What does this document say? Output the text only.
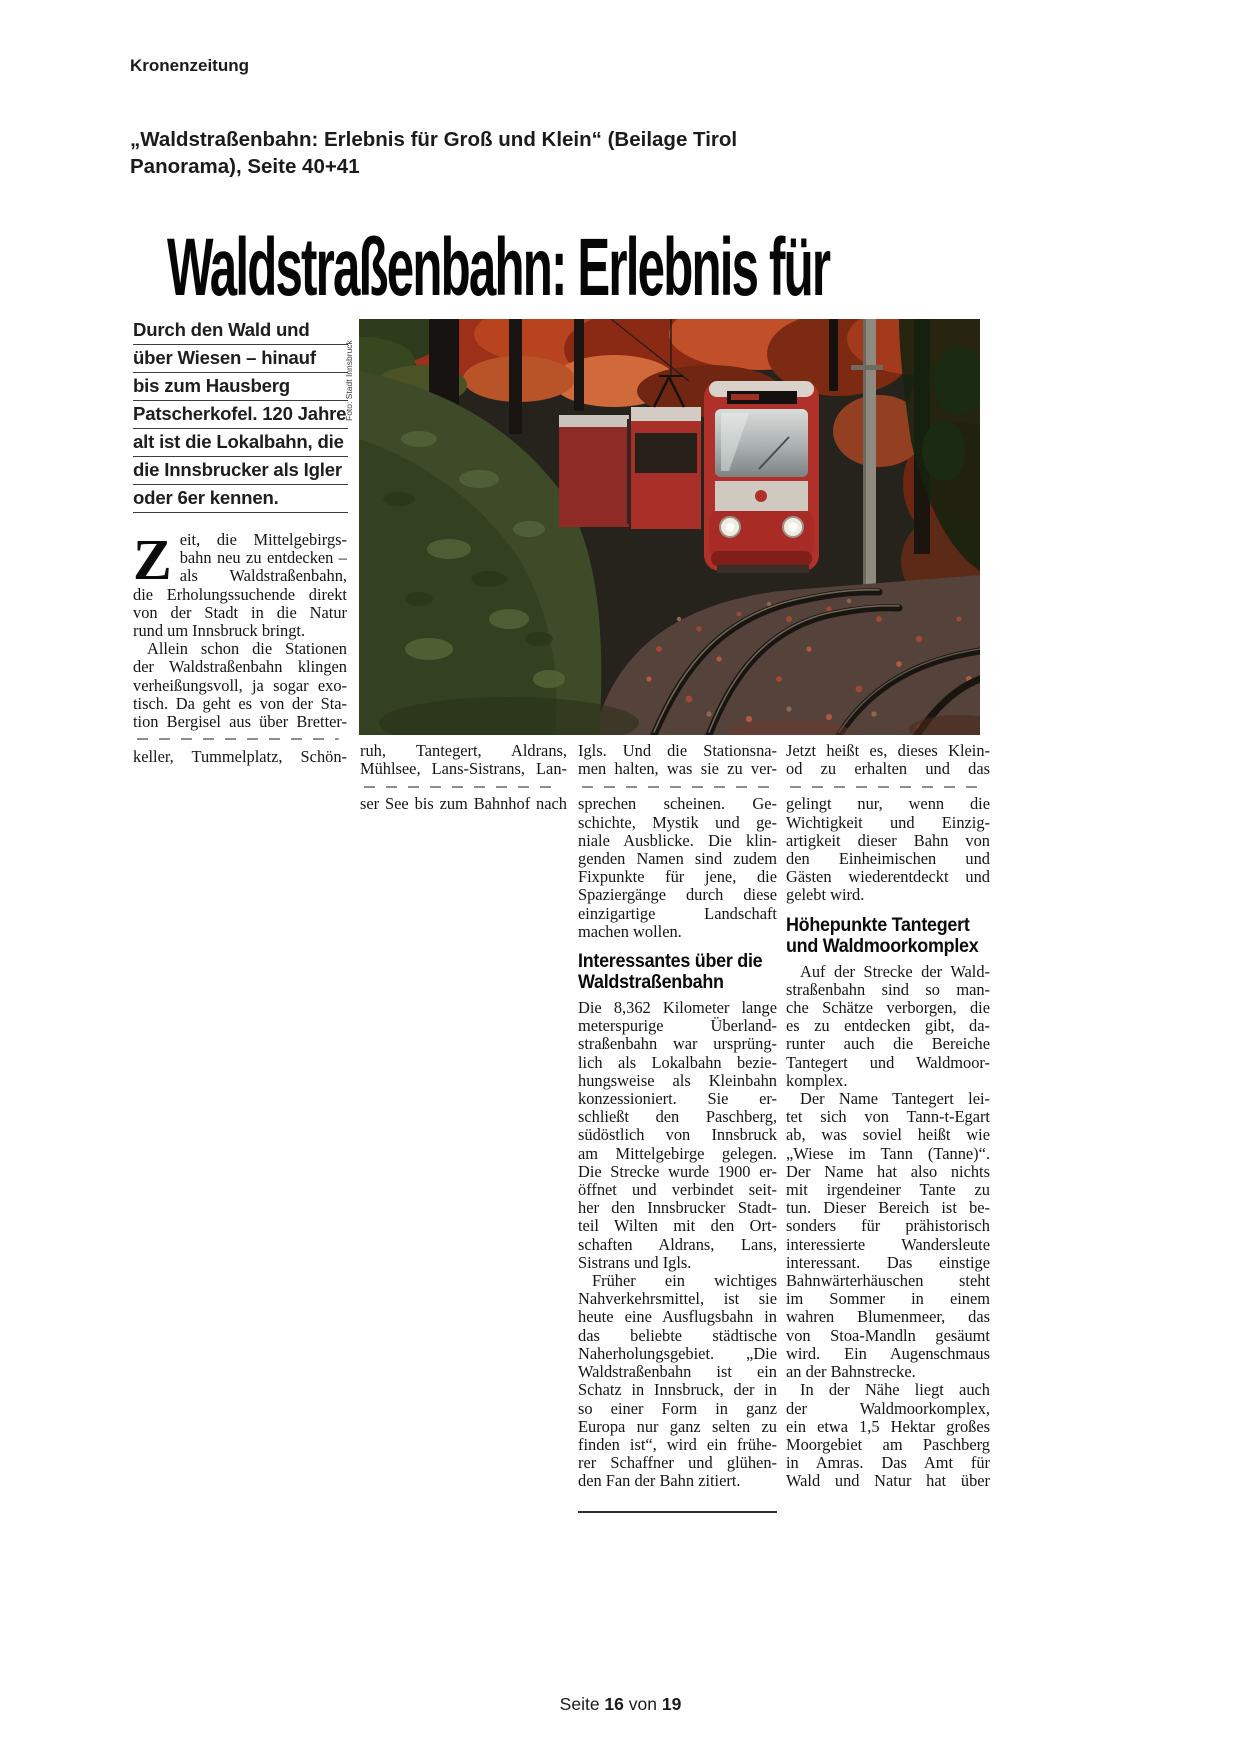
Kronenzeitung
„Waldstraßenbahn: Erlebnis für Groß und Klein“ (Beilage Tirol
Panorama), Seite 40+41
Waldstraßenbahn: Erlebnis für
Durch den Wald und
über Wiesen – hinauf
bis zum Hausberg
Patscherkofel. 120 Jahre
alt ist die Lokalbahn, die
die Innsbrucker als Igler
oder 6er kennen.
Foto: Stadt Innsbruck
Z eit, die Mittelgebirgs-
bahn neu zu entdecken –
als Waldstraßenbahn,
die Erholungssuchende direkt
von der Stadt in die Natur
rund um Innsbruck bringt.
Allein schon die Stationen
der Waldstraßenbahn klingen
verheißungsvoll, ja sogar exo-
tisch. Da geht es von der Sta-
tion Bergisel aus über Bretter-
keller, Tummelplatz, Schön- ruh, Tantegert, Aldrans,
Mühlsee, Lans-Sistrans, Lan-
ser See bis zum Bahnhof nach
Igls. Und die Stationsna-
men halten, was sie zu ver-
sprechen scheinen. Ge-
schichte, Mystik und ge-
niale Ausblicke. Die klin-
genden Namen sind zudem
Fixpunkte für jene, die
Spaziergänge durch diese
einzigartige Landschaft
machen wollen.
Interessantes über die
Waldstraßenbahn
Die 8,362 Kilometer lange
meterspurige Überland-
straßenbahn war ursprüng-
lich als Lokalbahn bezie-
hungsweise als Kleinbahn
konzessioniert. Sie er-
schließt den Paschberg,
südöstlich von Innsbruck
am Mittelgebirge gelegen.
Die Strecke wurde 1900 er-
öffnet und verbindet seit-
her den Innsbrucker Stadt-
teil Wilten mit den Ort-
schaften Aldrans, Lans,
Sistrans und Igls.
Früher ein wichtiges
Nahverkehrsmittel, ist sie
heute eine Ausflugsbahn in
das beliebte städtische
Naherholungsgebiet. „Die
Waldstraßenbahn ist ein
Schatz in Innsbruck, der in
so einer Form in ganz
Europa nur ganz selten zu
finden ist“, wird ein frühe-
rer Schaffner und glühen-
den Fan der Bahn zitiert.
Jetzt heißt es, dieses Klein-
od zu erhalten und das
gelingt nur, wenn die
Wichtigkeit und Einzig-
artigkeit dieser Bahn von
den Einheimischen und
Gästen wiederentdeckt und
gelebt wird.
Höhepunkte Tantegert
und Waldmoorkomplex
Auf der Strecke der Wald-
straßenbahn sind so man-
che Schätze verborgen, die
es zu entdecken gibt, da-
runter auch die Bereiche
Tantegert und Waldmoor-
komplex.
Der Name Tantegert lei-
tet sich von Tann-t-Egart
ab, was soviel heißt wie
„Wiese im Tann (Tanne)“.
Der Name hat also nichts
mit irgendeiner Tante zu
tun. Dieser Bereich ist be-
sonders für prähistorisch
interessierte Wandersleute
interessant. Das einstige
Bahnwärterhäuschen steht
im Sommer in einem
wahren Blumenmeer, das
von Stoa-Mandln gesäumt
wird. Ein Augenschmaus
an der Bahnstrecke.
In der Nähe liegt auch
der Waldmoorkomplex,
ein etwa 1,5 Hektar großes
Moorgebiet am Paschberg
in Amras. Das Amt für
Wald und Natur hat über
Seite 16 von 19
